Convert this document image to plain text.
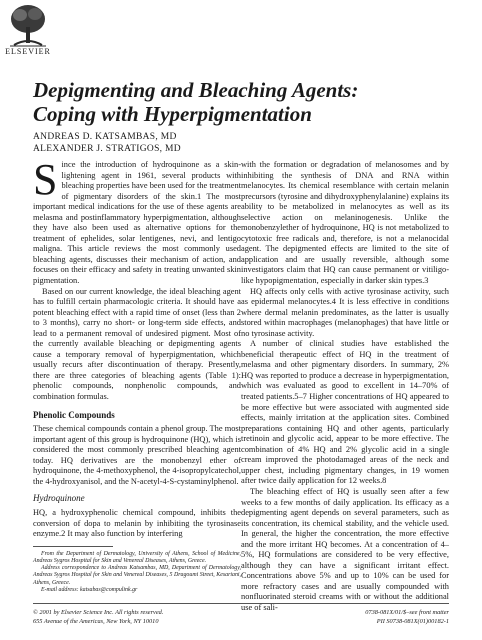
ELSEVIER
Depigmenting and Bleaching Agents:
Coping with Hyperpigmentation
ANDREAS D. KATSAMBAS, MD
ALEXANDER J. STRATIGOS, MD

Since the introduction of hydroquinone as a skin-lightening agent in 1961, several products with bleaching properties have been used for the treatment of pigmentary disorders of the skin.1 The most important medical indications for the use of these agents are melasma and postinflammatory hyperpigmentation, although they have also been used as alternative options for the treatment of ephelides, solar lentigenes, nevi, and lentigo maligna. This article reviews the most commonly used bleaching agents, discusses their mechanism of action, and focuses on their efficacy and safety in treating unwanted skin pigmentation.

Based on our current knowledge, the ideal bleaching agent has to fulfill certain pharmacologic criteria. It should have a potent bleaching effect with a rapid time of onset (less than 2 to 3 months), carry no short- or long-term side effects, and lead to a permanent removal of undesired pigment. Most of the currently available bleaching or depigmenting agents cause a temporary removal of hyperpigmentation, which usually recurs after discontinuation of therapy. Presently, there are three categories of bleaching agents (Table 1): phenolic compounds, nonphenolic compounds, and combination formulas.

Phenolic Compounds

These chemical compounds contain a phenol group. The most important agent of this group is hydroquinone (HQ), which is considered the most commonly prescribed bleaching agent today. HQ derivatives are the monobenzyl ether of hydroquinone, the 4-methoxyphenol, the 4-isopropylcatechol, the 4-hydroxyanisol, and the N-acetyl-4-S-cystaminylphenol.

Hydroquinone

HQ, a hydroxyphenolic chemical compound, inhibits the conversion of dopa to melanin by inhibiting the tyrosinase enzyme.2 It may also function by interfering

From the Department of Dermatology, University of Athens, School of Medicine, Andreas Sygros Hospital for Skin and Venereal Diseases, Athens, Greece.

Address correspondence to Andreas Katsambas, MD, Department of Dermatology, Andreas Sygros Hospital for Skin and Venereal Diseases, 5 Dragoumi Street, Kesariani, Athens, Greece.

E-mail address: katsabas@compulink.gr

with the formation or degradation of melanosomes and by inhibiting the synthesis of DNA and RNA within melanocytes. Its chemical resemblance with certain melanin precursors (tyrosine and dihydroxyphenylalanine) explains its ability to be metabolized in melanocytes as well as its selective action on melaninogenesis. Unlike the monobenzylether of hydroquinone, HQ is not metabolized to cytotoxic free radicals and, therefore, is not a melanocidal agent. The depigmented effects are limited to the site of application and are usually reversible, although some investigators claim that HQ can cause permanent or vitiligo-like hypopigmentation, especially in darker skin types.3

HQ affects only cells with active tyrosinase activity, such as epidermal melanocytes.4 It is less effective in conditions where dermal melanin predominates, as the latter is usually stored within macrophages (melanophages) that have little or no tyrosinase activity.

A number of clinical studies have established the beneficial therapeutic effect of HQ in the treatment of melasma and other pigmentary disorders. In summary, 2% HQ was reported to produce a decrease in hyperpigmentation, which was evaluated as good to excellent in 14–70% of treated patients.5–7 Higher concentrations of HQ appeared to be more effective but were associated with augmented side effects, mainly irritation at the application sites. Combined preparations containing HQ and other agents, particularly tretinoin and glycolic acid, appear to be more effective. The combination of 4% HQ and 2% glycolic acid in a single cream improved the photodamaged areas of the neck and upper chest, including pigmentary changes, in 19 women after twice daily application for 12 weeks.8

The bleaching effect of HQ is usually seen after a few weeks to a few months of daily application. Its efficacy as a depigmenting agent depends on several parameters, such as its concentration, its chemical stability, and the vehicle used. In general, the higher the concentration, the more effective and the more irritant HQ becomes. At a concentration of 4–5%, HQ formulations are considered to be very effective, although they can have a significant irritant effect. Concentrations above 5% and up to 10% can be used for more refractory cases and are usually compounded with nonfluorinated steroid creams with or without the additional use of sali-

© 2001 by Elsevier Science Inc. All rights reserved.
655 Avenue of the Americas, New York, NY 10010
0738-081X/01/$–see front matter
PII S0738-081X(01)00182-1
